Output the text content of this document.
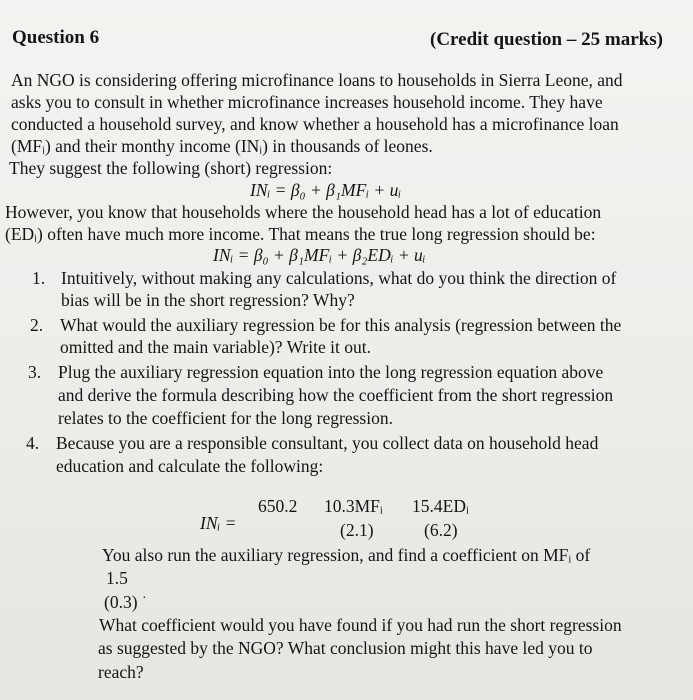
Question 6	(Credit question – 25 marks)
An NGO is considering offering microfinance loans to households in Sierra Leone, and
asks you to consult in whether microfinance increases household income. They have
conducted a household survey, and know whether a household has a microfinance loan
(MFᵢ) and their monthy income (INᵢ) in thousands of leones.
They suggest the following (short) regression:
INᵢ = β₀ + β₁MFᵢ + uᵢ
However, you know that households where the household head has a lot of education
(EDᵢ) often have much more income. That means the true long regression should be:
INᵢ = β₀ + β₁MFᵢ + β₂EDᵢ + uᵢ
1. Intuitively, without making any calculations, what do you think the direction of
bias will be in the short regression? Why?
2. What would the auxiliary regression be for this analysis (regression between the
omitted and the main variable)? Write it out.
3. Plug the auxiliary regression equation into the long regression equation above
and derive the formula describing how the coefficient from the short regression
relates to the coefficient for the long regression.
4. Because you are a responsible consultant, you collect data on household head
education and calculate the following:
INᵢ =
650.2 10.3MFᵢ 15.4EDᵢ
(2.1)	(6.2)
You also run the auxiliary regression, and find a coefficient on MFᵢ of
1.5
(0.3) ·
What coefficient would you have found if you had run the short regression
as suggested by the NGO? What conclusion might this have led you to
reach?
